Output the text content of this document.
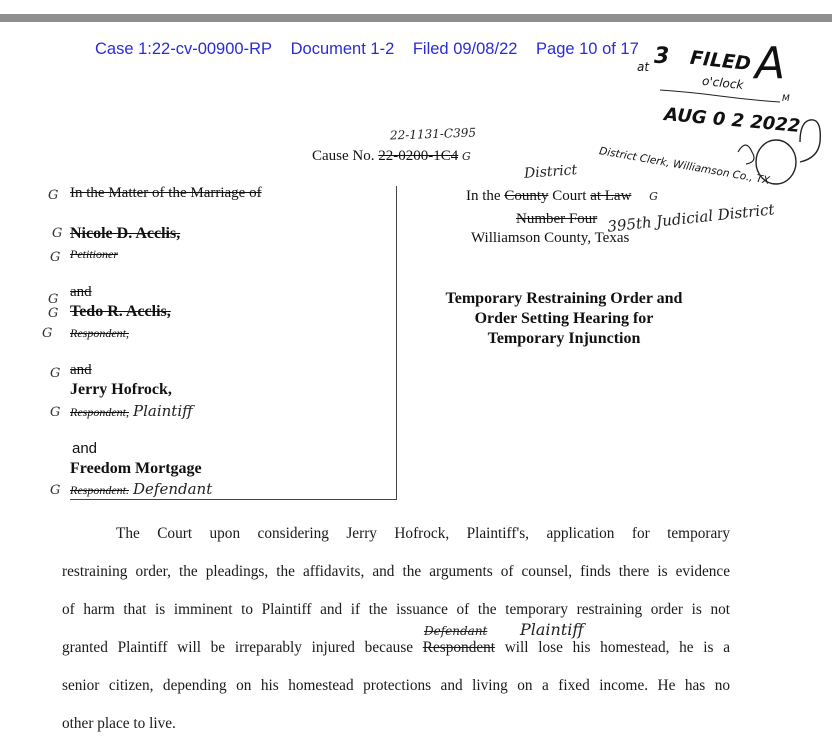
Case 1:22-cv-00900-RP Document 1-2 Filed 09/08/22 Page 10 of 17
at 3 FILED
o'clock
M
A
AUG 0 2 2022
District Clerk, Williamson Co., TX
22-1131-C395
Cause No. 22-0200-1C4 G
In the Matter of the Marriage of
Nicole D. Acclis,
Petitioner
and
Tedo R. Acclis,
Respondent,
and
Jerry Hofrock,
Respondent, Plaintiff
and
Freedom Mortgage
Respondent. Defendant
G
G
G
G
G
G
G
G
G
District
In the County Court at Law G
Number Four 395th Judicial District
Williamson County, Texas
Temporary Restraining Order and
Order Setting Hearing for
Temporary Injunction
The Court upon considering Jerry Hofrock, Plaintiff's, application for temporary
restraining order, the pleadings, the affidavits, and the arguments of counsel, finds there is evidence
of harm that is imminent to Plaintiff and if the issuance of the temporary restraining order is not
granted Plaintiff will be irreparably injured because Respondent will lose his homestead, he is a
senior citizen, depending on his homestead protections and living on a fixed income. He has no
other place to live.
Defendant Plaintiff
